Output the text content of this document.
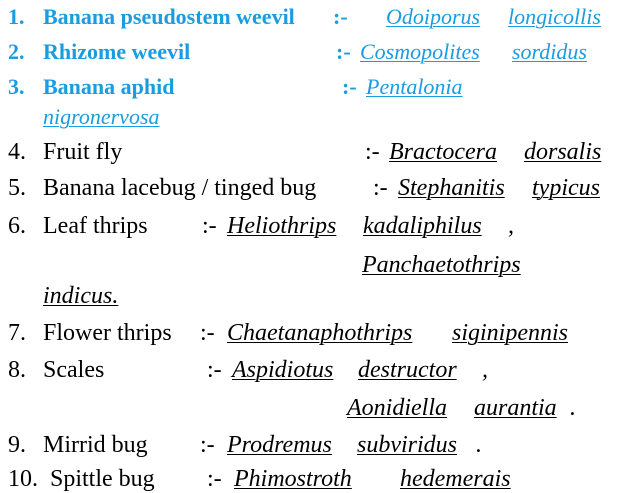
1. Banana pseudostem weevil :- Odoiporus longicollis
2. Rhizome weevil	:- Cosmopolites sordidus
3. Banana aphid	:- Pentalonia
nigronervosa
4. Fruit fly	:- Bractocera dorsalis
5. Banana lacebug / tinged bug :- Stephanitis typicus
6. Leaf thrips :- Heliothrips kadaliphilus ,
Panchaetothrips
indicus.
7. Flower thrips :- Chaetanaphothrips siginipennis
8. Scales	:- Aspidiotus destructor ,
Aonidiella aurantia .
9. Mirrid bug :- Prodremus subviridus .
10. Spittle bug :- Phimostroth hedemerais
